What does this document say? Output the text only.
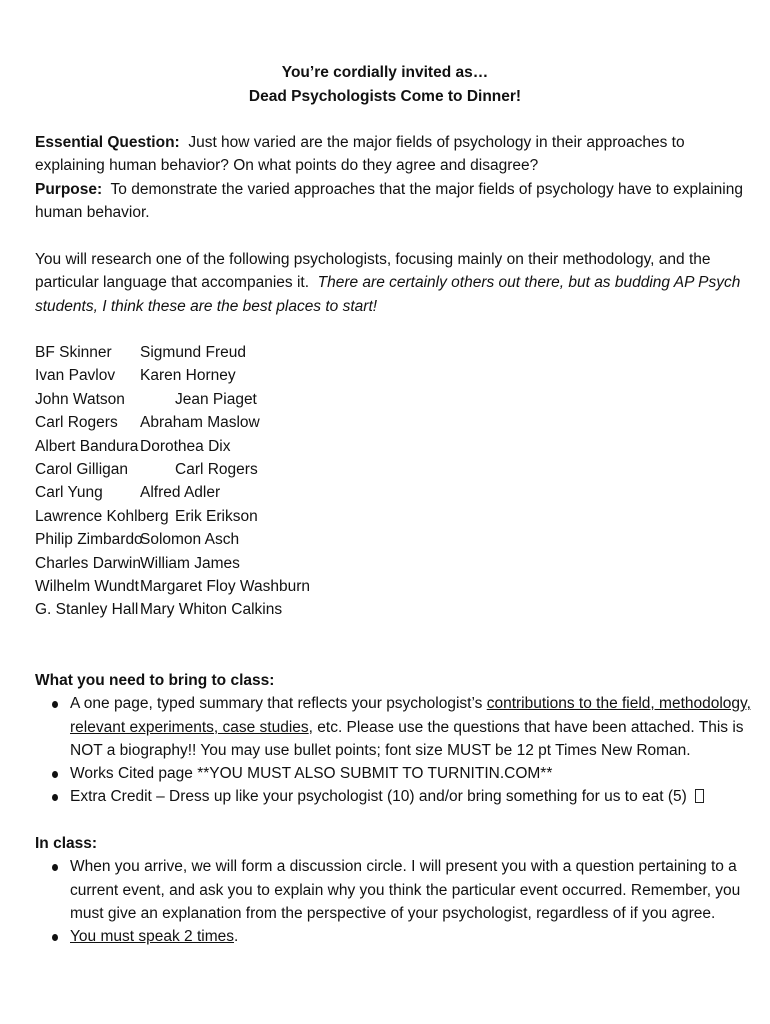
You’re cordially invited as…
Dead Psychologists Come to Dinner!
Essential Question: Just how varied are the major fields of psychology in their approaches to explaining human behavior? On what points do they agree and disagree?
Purpose: To demonstrate the varied approaches that the major fields of psychology have to explaining human behavior.
You will research one of the following psychologists, focusing mainly on their methodology, and the particular language that accompanies it. There are certainly others out there, but as budding AP Psych students, I think these are the best places to start!
BF Skinner Sigmund Freud
Ivan Pavlov Karen Horney
John Watson	Jean Piaget
Carl Rogers Abraham Maslow
Albert Bandura Dorothea Dix
Carol Gilligan	Carl Rogers
Carl Yung Alfred Adler
Lawrence Kohlberg Erik Erikson
Philip Zimbardo
Solomon Asch
Charles Darwin William James
Wilhelm Wundt Margaret Floy Washburn
G. Stanley Hall Mary Whiton Calkins
What you need to bring to class:
A one page, typed summary that reflects your psychologist’s contributions to the field, methodology, relevant experiments, case studies, etc. Please use the questions that have been attached. This is NOT a biography!! You may use bullet points; font size MUST be 12 pt Times New Roman.
Works Cited page **YOU MUST ALSO SUBMIT TO TURNITIN.COM**
Extra Credit – Dress up like your psychologist (10) and/or bring something for us to eat (5)
In class:
When you arrive, we will form a discussion circle. I will present you with a question pertaining to a current event, and ask you to explain why you think the particular event occurred. Remember, you must give an explanation from the perspective of your psychologist, regardless of if you agree.
You must speak 2 times.
